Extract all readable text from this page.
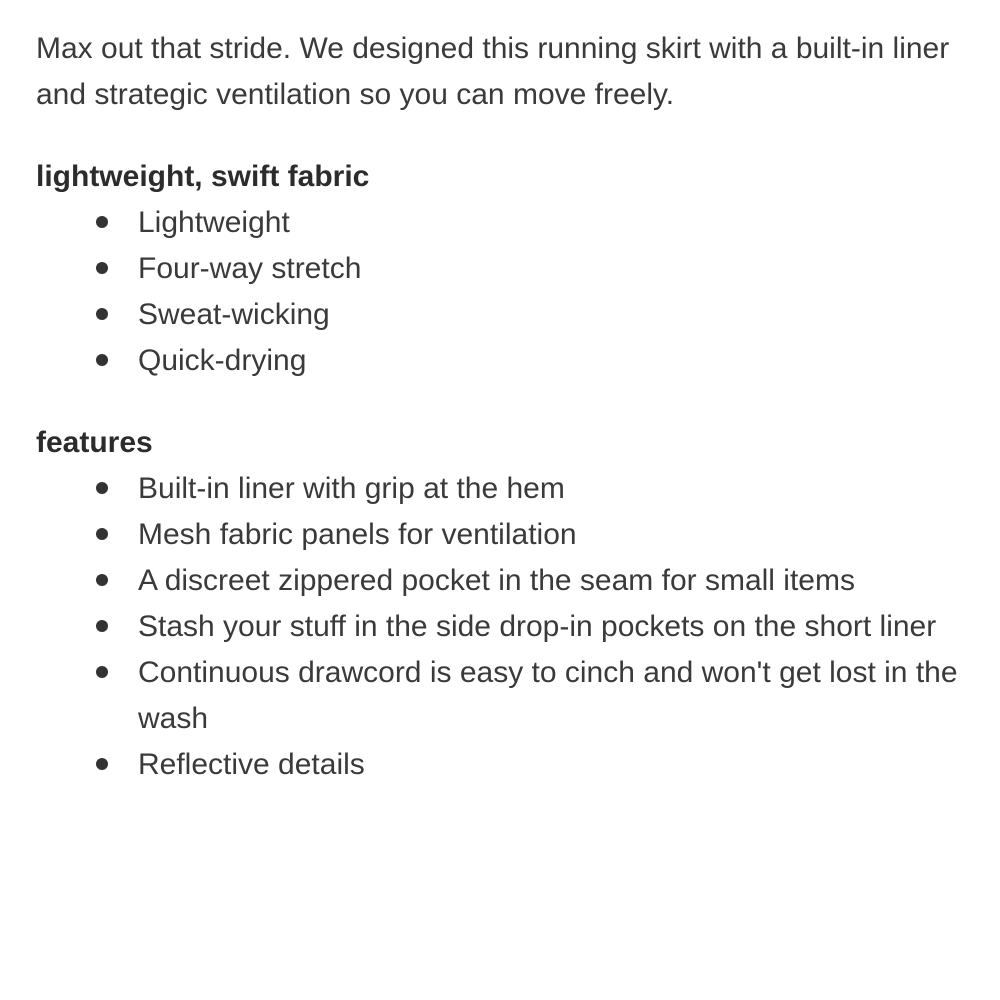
Max out that stride. We designed this running skirt with a built-in liner and strategic ventilation so you can move freely.

lightweight, swift fabric
Lightweight
Four-way stretch
Sweat-wicking
Quick-drying
features
Built-in liner with grip at the hem
Mesh fabric panels for ventilation
A discreet zippered pocket in the seam for small items
Stash your stuff in the side drop-in pockets on the short liner
Continuous drawcord is easy to cinch and won't get lost in the wash
Reflective details
